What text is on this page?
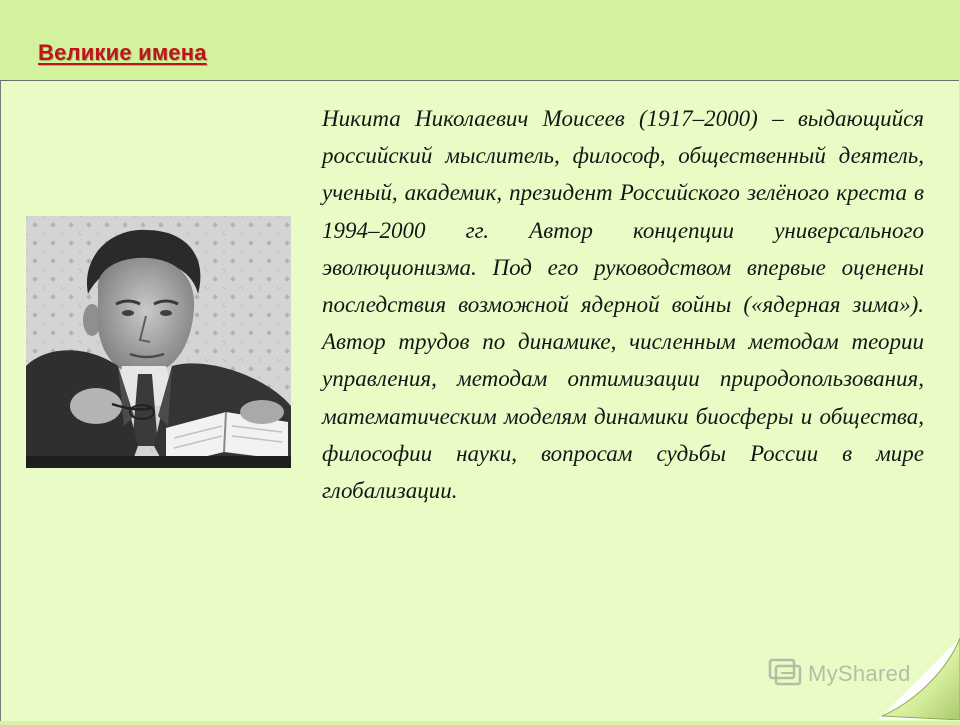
Великие имена

Никита Николаевич Моисеев (1917–2000) – выдающийся российский мыслитель, философ, общественный деятель, ученый, академик, президент Российского зелёного креста в 1994–2000 гг. Автор концепции универсального эволюционизма. Под его руководством впервые оценены последствия возможной ядерной войны («ядерная зима»). Автор трудов по динамике, численным методам теории управления, методам оптимизации природопользования, математическим моделям динамики биосферы и общества, философии науки, вопросам судьбы России в мире глобализации.

MyShared
